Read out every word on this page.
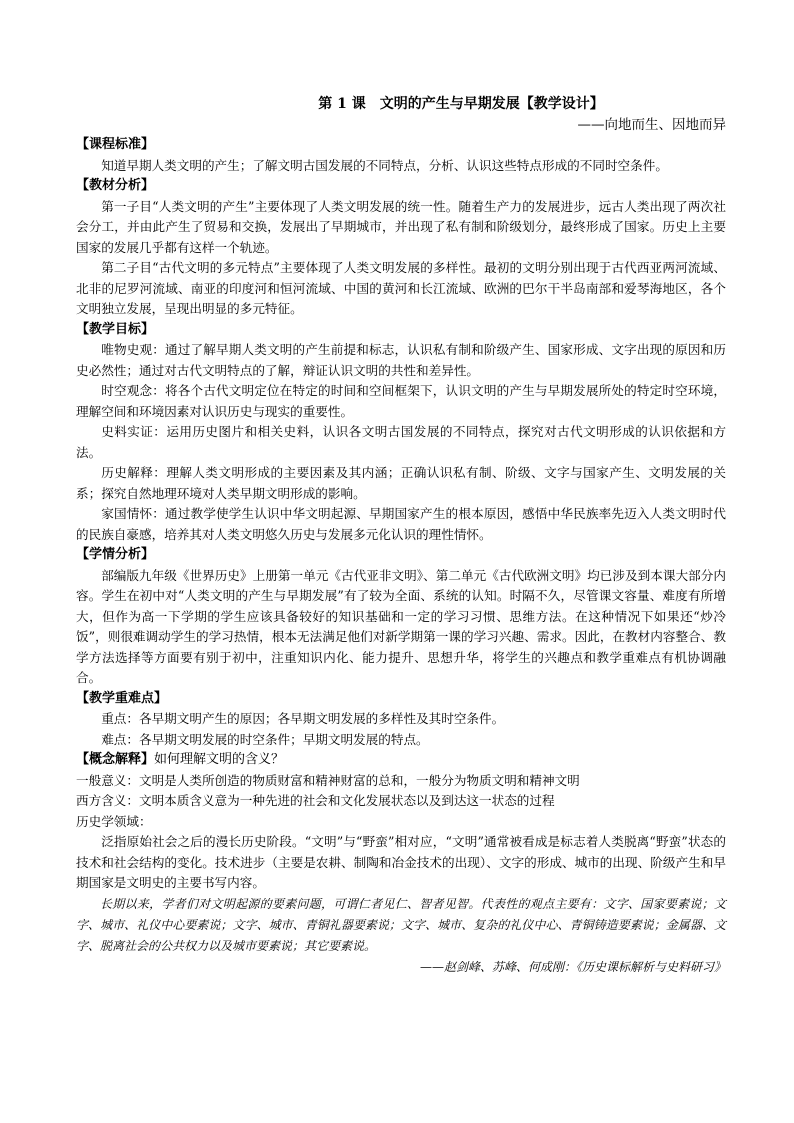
第 1 课　文明的产生与早期发展【教学设计】

——向地而生、因地而异

【课程标准】

知道早期人类文明的产生；了解文明古国发展的不同特点，分析、认识这些特点形成的不同时空条件。

【教材分析】

第一子目“人类文明的产生”主要体现了人类文明发展的统一性。随着生产力的发展进步，远古人类出现了两次社会分工，并由此产生了贸易和交换，发展出了早期城市，并出现了私有制和阶级划分，最终形成了国家。历史上主要国家的发展几乎都有这样一个轨迹。

第二子目“古代文明的多元特点”主要体现了人类文明发展的多样性。最初的文明分别出现于古代西亚两河流域、北非的尼罗河流域、南亚的印度河和恒河流域、中国的黄河和长江流域、欧洲的巴尔干半岛南部和爱琴海地区，各个文明独立发展，呈现出明显的多元特征。

【教学目标】

唯物史观：通过了解早期人类文明的产生前提和标志，认识私有制和阶级产生、国家形成、文字出现的原因和历史必然性；通过对古代文明特点的了解，辩证认识文明的共性和差异性。

时空观念：将各个古代文明定位在特定的时间和空间框架下，认识文明的产生与早期发展所处的特定时空环境，理解空间和环境因素对认识历史与现实的重要性。

史料实证：运用历史图片和相关史料，认识各文明古国发展的不同特点，探究对古代文明形成的认识依据和方法。

历史解释：理解人类文明形成的主要因素及其内涵；正确认识私有制、阶级、文字与国家产生、文明发展的关系；探究自然地理环境对人类早期文明形成的影响。

家国情怀：通过教学使学生认识中华文明起源、早期国家产生的根本原因，感悟中华民族率先迈入人类文明时代的民族自豪感，培养其对人类文明悠久历史与发展多元化认识的理性情怀。

【学情分析】

部编版九年级《世界历史》上册第一单元《古代亚非文明》、第二单元《古代欧洲文明》均已涉及到本课大部分内容。学生在初中对“人类文明的产生与早期发展”有了较为全面、系统的认知。时隔不久，尽管课文容量、难度有所增大，但作为高一下学期的学生应该具备较好的知识基础和一定的学习习惯、思维方法。在这种情况下如果还“炒冷饭”，则很难调动学生的学习热情，根本无法满足他们对新学期第一课的学习兴趣、需求。因此，在教材内容整合、教学方法选择等方面要有别于初中，注重知识内化、能力提升、思想升华，将学生的兴趣点和教学重难点有机协调融合。

【教学重难点】

重点：各早期文明产生的原因；各早期文明发展的多样性及其时空条件。

难点：各早期文明发展的时空条件；早期文明发展的特点。

【概念解释】如何理解文明的含义？

一般意义：文明是人类所创造的物质财富和精神财富的总和，一般分为物质文明和精神文明

西方含义：文明本质含义意为一种先进的社会和文化发展状态以及到达这一状态的过程

历史学领域：

泛指原始社会之后的漫长历史阶段。“文明”与“野蛮”相对应，“文明”通常被看成是标志着人类脱离“野蛮”状态的技术和社会结构的变化。技术进步（主要是农耕、制陶和冶金技术的出现）、文字的形成、城市的出现、阶级产生和早期国家是文明史的主要书写内容。

长期以来，学者们对文明起源的要素问题，可谓仁者见仁、智者见智。代表性的观点主要有：文字、国家要素说；文字、城市、礼仪中心要素说；文字、城市、青铜礼器要素说；文字、城市、复杂的礼仪中心、青铜铸造要素说；金属器、文字、脱离社会的公共权力以及城市要素说；其它要素说。

——赵剑峰、苏峰、何成刚：《历史课标解析与史料研习》
